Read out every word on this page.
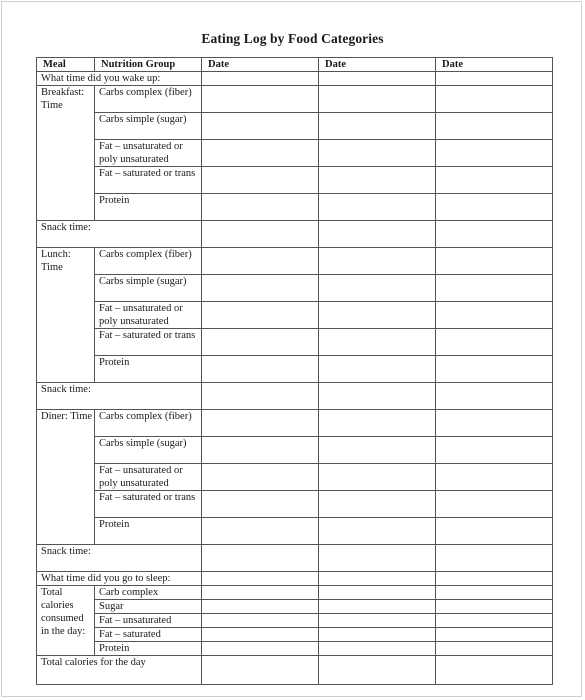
Eating Log by Food Categories
Meal	Nutrition Group	Date	Date	Date
What time did you wake up:				
Breakfast: Time	Carbs complex (fiber)			
	Carbs simple (sugar)			
	Fat – unsaturated or poly unsaturated			
	Fat – saturated or trans			
	Protein			
Snack time:				
Lunch: Time	Carbs complex (fiber)			
	Carbs simple (sugar)			
	Fat – unsaturated or poly unsaturated			
	Fat – saturated or trans			
	Protein			
Snack time:				
Diner: Time	Carbs complex (fiber)			
	Carbs simple (sugar)			
	Fat – unsaturated or poly unsaturated			
	Fat – saturated or trans			
	Protein			
Snack time:				
What time did you go to sleep:				
Total calories consumed in the day:	Carb complex			
	Sugar			
	Fat – unsaturated			
	Fat – saturated			
	Protein			
Total calories for the day				
